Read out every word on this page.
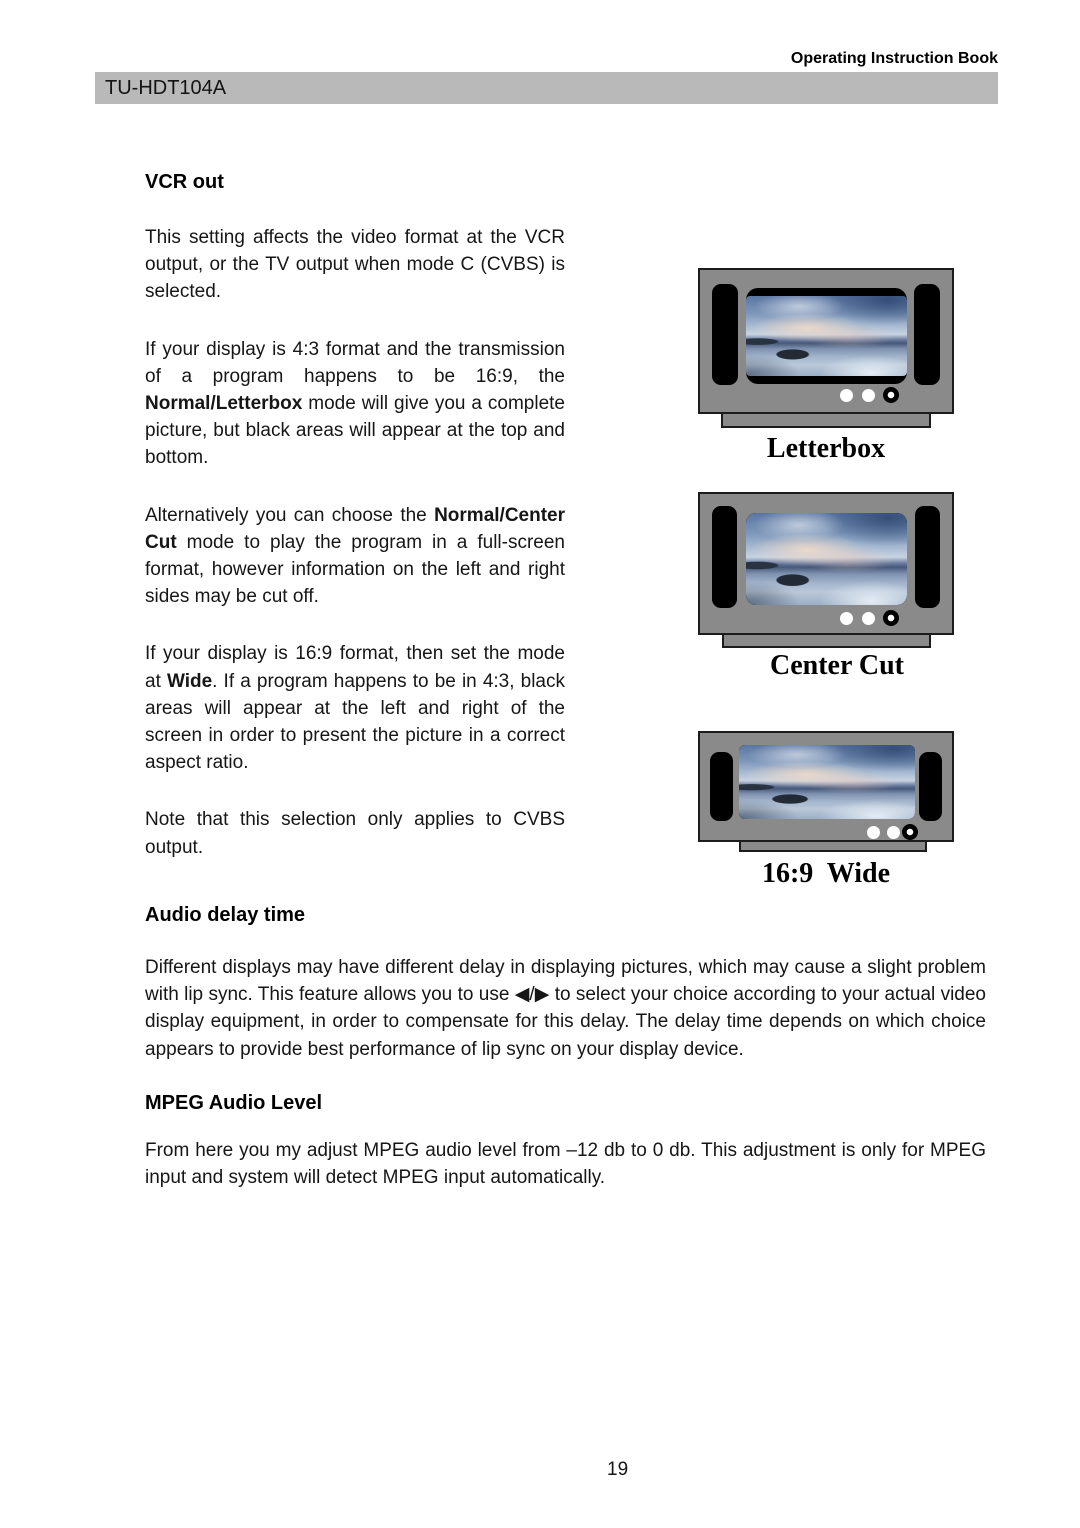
Operating Instruction Book
TU-HDT104A
VCR out

This setting affects the video format at the VCR output, or the TV output when mode C (CVBS) is selected.

If your display is 4:3 format and the transmission of a program happens to be 16:9, the Normal/Letterbox mode will give you a complete picture, but black areas will appear at the top and bottom.

Alternatively you can choose the Normal/Center Cut mode to play the program in a full-screen format, however information on the left and right sides may be cut off.

If your display is 16:9 format, then set the mode at Wide. If a program happens to be in 4:3, black areas will appear at the left and right of the screen in order to present the picture in a correct aspect ratio.

Note that this selection only applies to CVBS output.

Letterbox
Center Cut
16:9  Wide
Audio delay time

Different displays may have different delay in displaying pictures, which may cause a slight problem with lip sync. This feature allows you to use ◀/▶ to select your choice according to your actual video display equipment, in order to compensate for this delay. The delay time depends on which choice appears to provide best performance of lip sync on your display device.

MPEG Audio Level

From here you my adjust MPEG audio level from –12 db to 0 db. This adjustment is only for MPEG input and system will detect MPEG input automatically.

19
